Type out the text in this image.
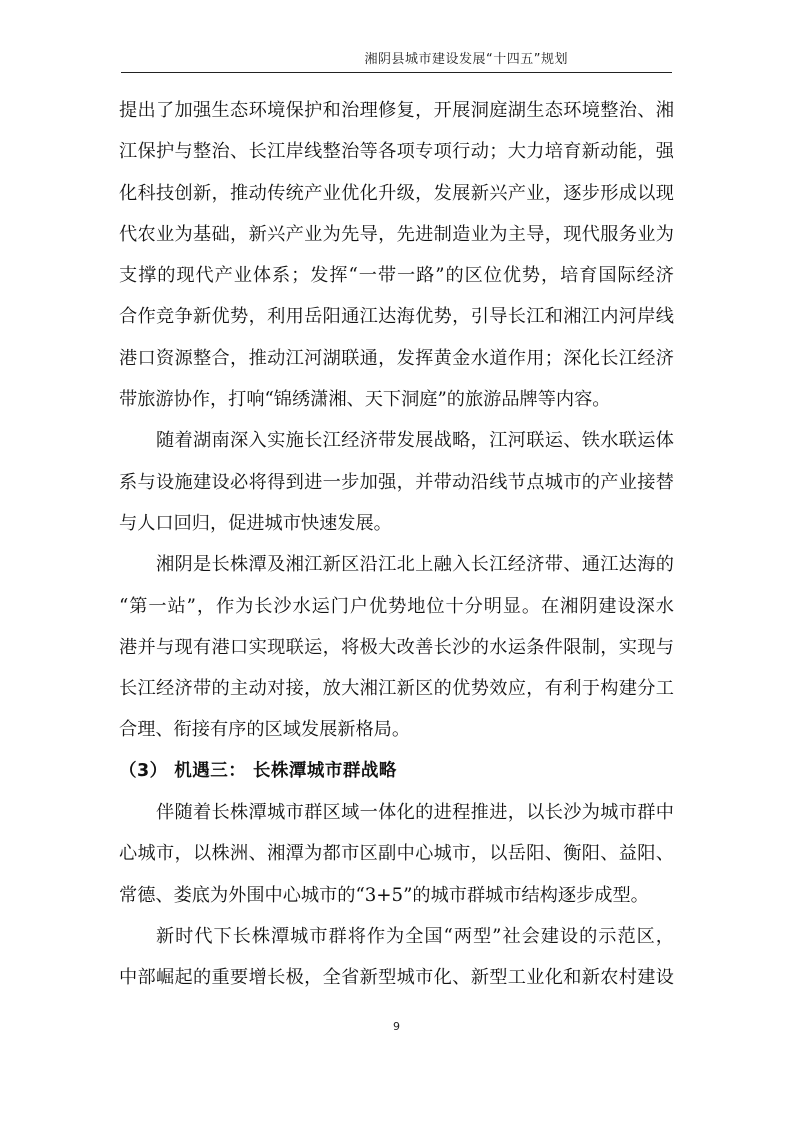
湘阴县城市建设发展“十四五”规划
提出了加强生态环境保护和治理修复，开展洞庭湖生态环境整治、湘
江保护与整治、长江岸线整治等各项专项行动；大力培育新动能，强
化科技创新，推动传统产业优化升级，发展新兴产业，逐步形成以现
代农业为基础，新兴产业为先导，先进制造业为主导，现代服务业为
支撑的现代产业体系；发挥“一带一路”的区位优势，培育国际经济
合作竞争新优势，利用岳阳通江达海优势，引导长江和湘江内河岸线
港口资源整合，推动江河湖联通，发挥黄金水道作用；深化长江经济
带旅游协作，打响“锦绣潇湘、天下洞庭”的旅游品牌等内容。
随着湖南深入实施长江经济带发展战略，江河联运、铁水联运体
系与设施建设必将得到进一步加强，并带动沿线节点城市的产业接替
与人口回归，促进城市快速发展。
湘阴是长株潭及湘江新区沿江北上融入长江经济带、通江达海的
“第一站”，作为长沙水运门户优势地位十分明显。在湘阴建设深水
港并与现有港口实现联运，将极大改善长沙的水运条件限制，实现与
长江经济带的主动对接，放大湘江新区的优势效应，有利于构建分工
合理、衔接有序的区域发展新格局。
（3） 机遇三： 长株潭城市群战略
伴随着长株潭城市群区域一体化的进程推进，以长沙为城市群中
心城市，以株洲、湘潭为都市区副中心城市，以岳阳、衡阳、益阳、
常德、娄底为外围中心城市的“3+5”的城市群城市结构逐步成型。
新时代下长株潭城市群将作为全国“两型”社会建设的示范区，
中部崛起的重要增长极，全省新型城市化、新型工业化和新农村建设
9
